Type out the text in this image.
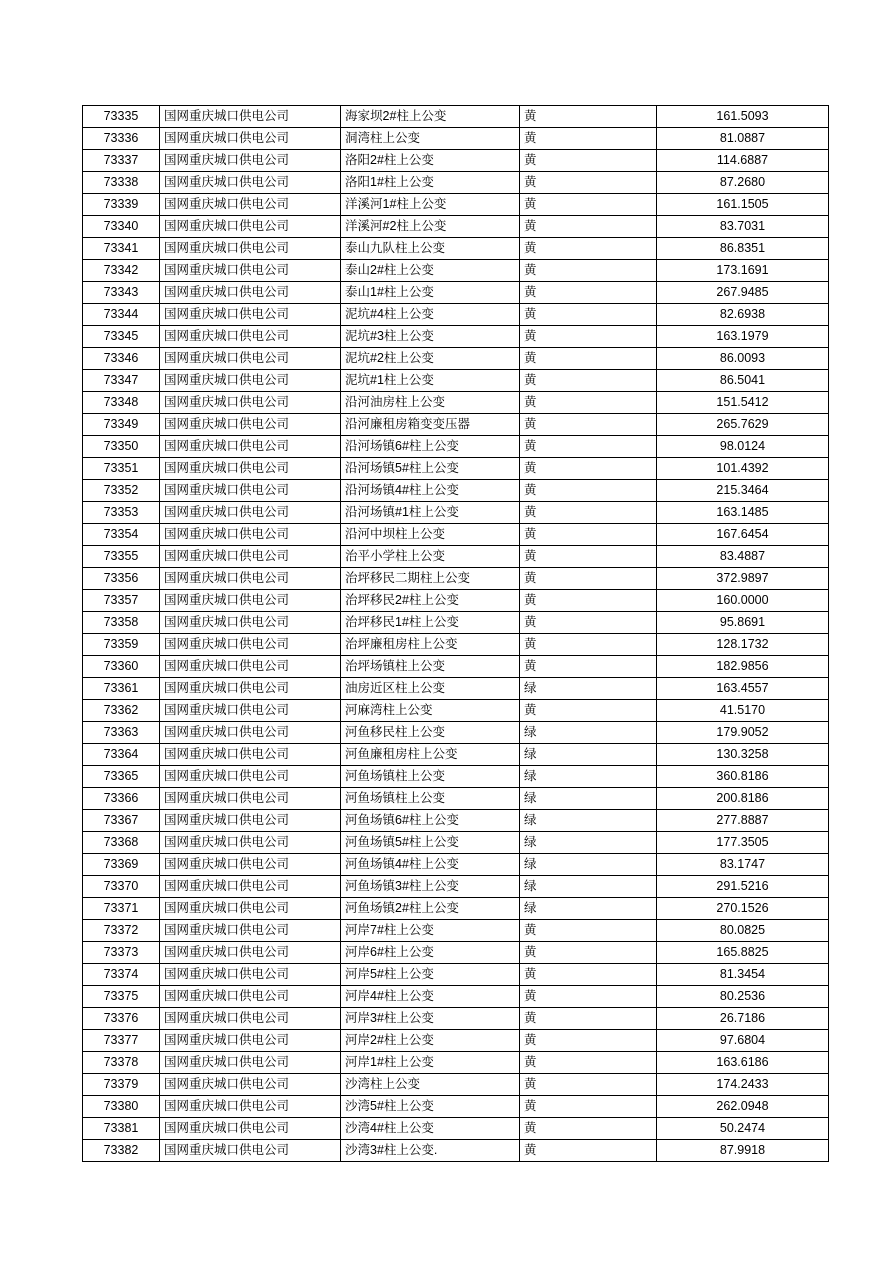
73335	国网重庆城口供电公司	海家坝2#柱上公变	黄	161.5093
73336	国网重庆城口供电公司	洞湾柱上公变	黄	81.0887
73337	国网重庆城口供电公司	洛阳2#柱上公变	黄	114.6887
73338	国网重庆城口供电公司	洛阳1#柱上公变	黄	87.2680
73339	国网重庆城口供电公司	洋溪河1#柱上公变	黄	161.1505
73340	国网重庆城口供电公司	洋溪河#2柱上公变	黄	83.7031
73341	国网重庆城口供电公司	泰山九队柱上公变	黄	86.8351
73342	国网重庆城口供电公司	泰山2#柱上公变	黄	173.1691
73343	国网重庆城口供电公司	泰山1#柱上公变	黄	267.9485
73344	国网重庆城口供电公司	泥坑#4柱上公变	黄	82.6938
73345	国网重庆城口供电公司	泥坑#3柱上公变	黄	163.1979
73346	国网重庆城口供电公司	泥坑#2柱上公变	黄	86.0093
73347	国网重庆城口供电公司	泥坑#1柱上公变	黄	86.5041
73348	国网重庆城口供电公司	沿河油房柱上公变	黄	151.5412
73349	国网重庆城口供电公司	沿河廉租房箱变变压器	黄	265.7629
73350	国网重庆城口供电公司	沿河场镇6#柱上公变	黄	98.0124
73351	国网重庆城口供电公司	沿河场镇5#柱上公变	黄	101.4392
73352	国网重庆城口供电公司	沿河场镇4#柱上公变	黄	215.3464
73353	国网重庆城口供电公司	沿河场镇#1柱上公变	黄	163.1485
73354	国网重庆城口供电公司	沿河中坝柱上公变	黄	167.6454
73355	国网重庆城口供电公司	治平小学柱上公变	黄	83.4887
73356	国网重庆城口供电公司	治坪移民二期柱上公变	黄	372.9897
73357	国网重庆城口供电公司	治坪移民2#柱上公变	黄	160.0000
73358	国网重庆城口供电公司	治坪移民1#柱上公变	黄	95.8691
73359	国网重庆城口供电公司	治坪廉租房柱上公变	黄	128.1732
73360	国网重庆城口供电公司	治坪场镇柱上公变	黄	182.9856
73361	国网重庆城口供电公司	油房近区柱上公变	绿	163.4557
73362	国网重庆城口供电公司	河麻湾柱上公变	黄	41.5170
73363	国网重庆城口供电公司	河鱼移民柱上公变	绿	179.9052
73364	国网重庆城口供电公司	河鱼廉租房柱上公变	绿	130.3258
73365	国网重庆城口供电公司	河鱼场镇柱上公变	绿	360.8186
73366	国网重庆城口供电公司	河鱼场镇柱上公变	绿	200.8186
73367	国网重庆城口供电公司	河鱼场镇6#柱上公变	绿	277.8887
73368	国网重庆城口供电公司	河鱼场镇5#柱上公变	绿	177.3505
73369	国网重庆城口供电公司	河鱼场镇4#柱上公变	绿	83.1747
73370	国网重庆城口供电公司	河鱼场镇3#柱上公变	绿	291.5216
73371	国网重庆城口供电公司	河鱼场镇2#柱上公变	绿	270.1526
73372	国网重庆城口供电公司	河岸7#柱上公变	黄	80.0825
73373	国网重庆城口供电公司	河岸6#柱上公变	黄	165.8825
73374	国网重庆城口供电公司	河岸5#柱上公变	黄	81.3454
73375	国网重庆城口供电公司	河岸4#柱上公变	黄	80.2536
73376	国网重庆城口供电公司	河岸3#柱上公变	黄	26.7186
73377	国网重庆城口供电公司	河岸2#柱上公变	黄	97.6804
73378	国网重庆城口供电公司	河岸1#柱上公变	黄	163.6186
73379	国网重庆城口供电公司	沙湾柱上公变	黄	174.2433
73380	国网重庆城口供电公司	沙湾5#柱上公变	黄	262.0948
73381	国网重庆城口供电公司	沙湾4#柱上公变	黄	50.2474
73382	国网重庆城口供电公司	沙湾3#柱上公变.	黄	87.9918
